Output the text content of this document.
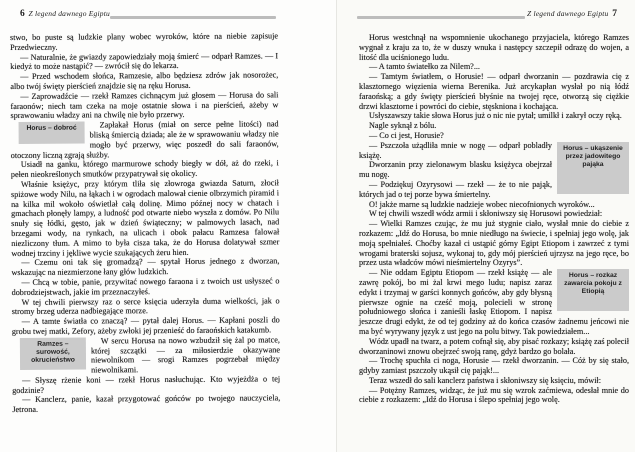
6 Z legend dawnego Egiptu

stwo, bo puste są ludzkie plany wobec wyroków, które na niebie zapisuje Przedwieczny.

— Naturalnie, że gwiazdy zapowiedziały moją śmierć — odparł Ramzes. — I kiedyż to może nastąpić? — zwrócił się do lekarza.

— Przed wschodem słońca, Ramzesie, albo będziesz zdrów jak nosorożec, albo twój święty pierścień znajdzie się na ręku Horusa.

— Zaprowadźcie — rzekł Ramzes cichnącym już głosem — Horusa do sali faraonów; niech tam czeka na moje ostatnie słowa i na pierścień, ażeby w sprawowaniu władzy ani na chwilę nie było przerwy.

Horus – dobroć	Zapłakał Horus (miał on serce pełne litości) nad bliską śmiercią dziada; ale że w sprawowaniu władzy nie mogło być przerwy, więc poszedł do sali faraonów, otoczony liczną zgrają służby.

Usiadł na ganku, którego marmurowe schody biegły w dół, aż do rzeki, i pełen nieokreślonych smutków przypatrywał się okolicy.

Właśnie księżyc, przy którym tliła się złowroga gwiazda Saturn, złocił spiżowe wody Nilu, na łąkach i w ogrodach malował cienie olbrzymich piramid i na kilka mil wokoło oświetlał całą dolinę. Mimo późnej nocy w chatach i gmachach płonęły lampy, a ludność pod otwarte niebo wyszła z domów. Po Nilu snuły się łódki, gęsto, jak w dzień świąteczny; w palmowych lasach, nad brzegami wody, na rynkach, na ulicach i obok pałacu Ramzesa falował niezliczony tłum. A mimo to była cisza taka, że do Horusa dolatywał szmer wodnej trzciny i jękliwe wycie szukających żeru hien.

— Czemu oni tak się gromadzą? — spytał Horus jednego z dworzan, wskazując na niezmierzone łany głów ludzkich.

— Chcą w tobie, panie, przywitać nowego faraona i z twoich ust usłyszeć o dobrodziejstwach, jakie im przeznaczyłeś.

W tej chwili pierwszy raz o serce księcia uderzyła duma wielkości, jak o stromy brzeg uderza nadbiegające morze.

— A tamte światła co znaczą? — pytał dalej Horus. — Kapłani poszli do grobu twej matki, Zefory, ażeby zwłoki jej przenieść do faraońskich katakumb.

Ramzes – surowość, okrucieństwo
W sercu Horusa na nowo wzbudził się żal po matce, której szczątki — za miłosierdzie okazywane niewolnikom — srogi Ramzes pogrzebał między niewolnikami.

— Słyszę rżenie koni — rzekł Horus nasłuchując. Kto wyjeżdża o tej godzinie?

— Kanclerz, panie, kazał przygotować gońców po twojego nauczyciela, Jetrona.

Z legend dawnego Egiptu 7

Horus westchnął na wspomnienie ukochanego przyjaciela, którego Ramzes wygnał z kraju za to, że w duszy wnuka i następcy szczepił odrazę do wojen, a litość dla uciśnionego ludu.

— A tamto światełko za Nilem?...

— Tamtym światłem, o Horusie! — odparł dworzanin — pozdrawia cię z klasztornego więzienia wierna Berenika. Już arcykapłan wysłał po nią łódź faraońską; a gdy święty pierścień błyśnie na twojej ręce, otworzą się ciężkie drzwi klasztorne i powróci do ciebie, stęskniona i kochająca.

Usłyszawszy takie słowa Horus już o nic nie pytał; umilkł i zakrył oczy ręką.

Nagle syknął z bólu.

— Co ci jest, Horusie?

Horus – ukąszenie przez jadowitego pająka
— Pszczoła użądliła mnie w nogę — odparł pobladły książę.

Dworzanin przy zielonawym blasku księżyca obejrzał mu nogę.

— Podziękuj Ozyrysowi — rzekł — że to nie pająk, których jad o tej porze bywa śmiertelny.

O! jakże marne są ludzkie nadzieje wobec niecofnionych wyroków...

W tej chwili wszedł wódz armii i skłoniwszy się Horusowi powiedział:

— Wielki Ramzes czując, że mu już stygnie ciało, wysłał mnie do ciebie z rozkazem: „Idź do Horusa, bo mnie niedługo na świecie, i spełniaj jego wolę, jak moją spełniałeś. Choćby kazał ci ustąpić górny Egipt Etiopom i zawrzeć z tymi wrogami braterski sojusz, wykonaj to, gdy mój pierścień ujrzysz na jego ręce, bo przez usta władców mówi nieśmiertelny Ozyrys”.

Horus – rozkaz zawarcia pokoju z Etiopią
— Nie oddam Egiptu Etiopom — rzekł książę — ale zawrę pokój, bo mi żal krwi mego ludu; napisz zaraz edykt i trzymaj w garści konnych gońców, aby gdy błysną pierwsze ognie na cześć moją, polecieli w stronę południowego słońca i zanieśli łaskę Etiopom. I napisz jeszcze drugi edykt, że od tej godziny aż do końca czasów żadnemu jeńcowi nie ma być wyrywany język z ust jego na polu bitwy. Tak powiedziałem...

Wódz upadł na twarz, a potem cofnął się, aby pisać rozkazy; książę zaś polecił dworzaninowi znowu obejrzeć swoją ranę, gdyż bardzo go bolała.

— Trochę spuchła ci noga, Horusie — rzekł dworzanin. — Cóż by się stało, gdyby zamiast pszczoły ukąsił cię pająk!...

Teraz wszedł do sali kanclerz państwa i skłoniwszy się księciu, mówił:

— Potężny Ramzes, widząc, że już mu się wzrok zaćmiewa, odesłał mnie do ciebie z rozkazem: „Idź do Horusa i ślepo spełniaj jego wolę.
